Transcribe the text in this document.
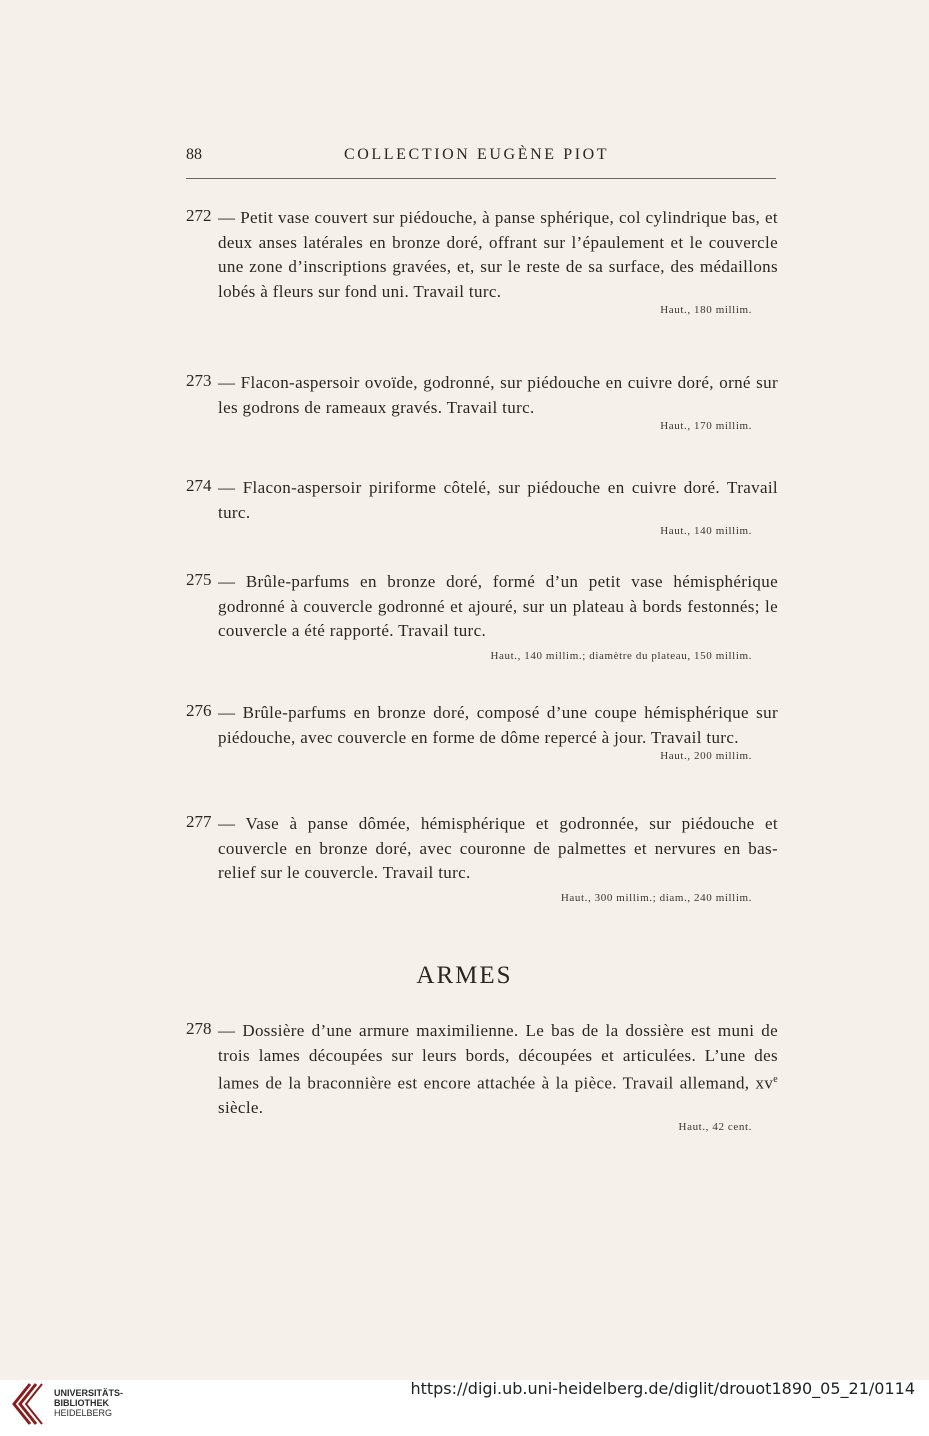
88	COLLECTION EUGÈNE PIOT
272 — Petit vase couvert sur piédouche, à panse sphérique, col cylindrique bas, et deux anses latérales en bronze doré, offrant sur l’épaulement et le couvercle une zone d’inscriptions gravées, et, sur le reste de sa surface, des médaillons lobés à fleurs sur fond uni. Travail turc.
Haut., 180 millim.
273 — Flacon-aspersoir ovoïde, godronné, sur piédouche en cuivre doré, orné sur les godrons de rameaux gravés. Travail turc.
Haut., 170 millim.
274 — Flacon-aspersoir piriforme côtelé, sur piédouche en cuivre doré. Travail turc.
Haut., 140 millim.
275 — Brûle-parfums en bronze doré, formé d’un petit vase hémisphérique godronné à couvercle godronné et ajouré, sur un plateau à bords festonnés; le couvercle a été rapporté. Travail turc.
Haut., 140 millim.; diamètre du plateau, 150 millim.
276 — Brûle-parfums en bronze doré, composé d’une coupe hémisphérique sur piédouche, avec couvercle en forme de dôme repercé à jour. Travail turc.
Haut., 200 millim.
277 — Vase à panse dômée, hémisphérique et godronnée, sur piédouche et couvercle en bronze doré, avec couronne de palmettes et nervures en bas-relief sur le couvercle. Travail turc.
Haut., 300 millim.; diam., 240 millim.
ARMES
278 — Dossière d’une armure maximilienne. Le bas de la dossière est muni de trois lames découpées sur leurs bords, découpées et articulées. L’une des lames de la braconnière est encore attachée à la pièce. Travail allemand, $xv^e$ siècle.
Haut., 42 cent.
UNIVERSITÄTS-
BIBLIOTHEK
HEIDELBERG
https://digi.ub.uni-heidelberg.de/diglit/drouot1890_05_21/0114
